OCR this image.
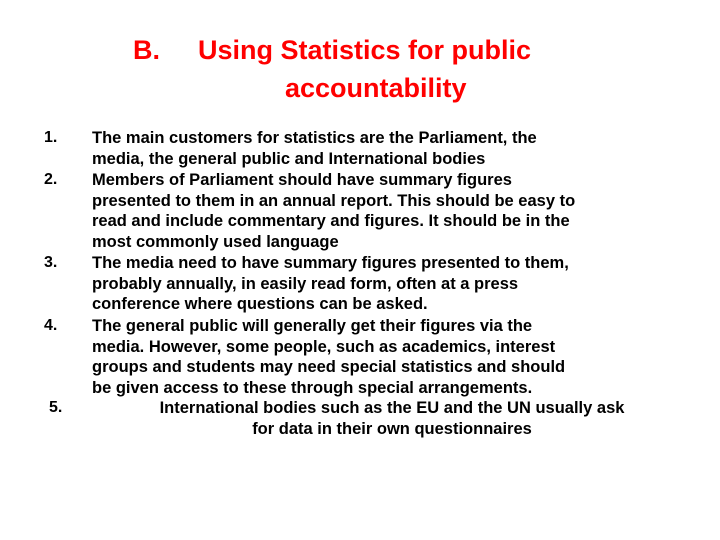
B. Using Statistics for public
accountability
1. The main customers for statistics are the Parliament, the
media, the general public and International bodies
2. Members of Parliament should have summary figures
presented to them in an annual report. This should be easy to
read and include commentary and figures. It should be in the
most commonly used language
3. The media need to have summary figures presented to them,
probably annually, in easily read form, often at a press
conference where questions can be asked.
4. The general public will generally get their figures via the
media. However, some people, such as academics, interest
groups and students may need special statistics and should
be given access to these through special arrangements.
5.	International bodies such as the EU and the UN usually ask
for data in their own questionnaires
